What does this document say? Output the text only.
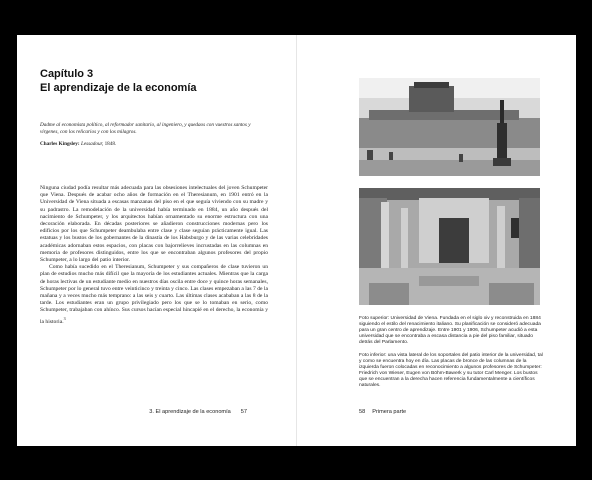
Capítulo 3
El aprendizaje de la economía
Dadme al economista político, al reformador sanitario, al ingeniero, y quedaos con vuestros santos y vírgenes, con los relicarios y con los milagros.
Charles Kingsley: Lessadour, 1848.

Ninguna ciudad podía resultar más adecuada para las obsesiones intelectuales del joven Schumpeter que Viena. Después de acabar ocho años de formación en el Theresianum, en 1901 entró en la Universidad de Viena situada a escasas manzanas del piso en el que seguía viviendo con su madre y su padrastro. La remodelación de la universidad había terminado en 1884, un año después del nacimiento de Schumpeter, y los arquitectos habían ornamentado su enorme estructura con una decoración elaborada. En décadas posteriores se añadieron construcciones modernas pero los edificios por los que Schumpeter deambulaba entre clase y clase seguían prácticamente igual. Las estatuas y los bustos de los gobernantes de la dinastía de los Habsburgo y de las varias celebridades académicas adornaban estos espacios, con placas con bajorrelieves incrustadas en las columnas en memoria de profesores distinguidos, entre los que se encontraban algunos profesores del propio Schumpeter, a lo largo del patio interior.

Como había sucedido en el Theresianum, Schumpeter y sus compañeros de clase tuvieron un plan de estudios mucho más difícil que la mayoría de los estudiantes actuales. Mientras que la carga de horas lectivas de un estudiante medio en nuestros días oscila entre doce y quince horas semanales, Schumpeter por lo general tuvo entre veinticinco y treinta y cinco. Las clases empezaban a las 7 de la mañana y a veces mucho más temprano: a las seis y cuarto. Las últimas clases acababan a las 8 de la tarde. Los estudiantes eran un grupo privilegiado pero los que se lo tomaban en serio, como Schumpeter, trabajaban con ahínco. Sus cursos hacían especial hincapié en el derecho, la economía y la historia.$^3$

3. El aprendizaje de la economía 57
Foto superior: Universidad de Viena. Fundada en el siglo xiv y reconstruida en 1884 siguiendo el estilo del renacimiento italiano. Su planificación se consideró adecuada para un gran centro de aprendizaje. Entre 1901 y 1906, Schumpeter acudió a esta universidad que se encontraba a escasa distancia a pie del piso familiar, situado detrás del Parlamento.
Foto inferior: una vista lateral de los soportales del patio interior de la universidad, tal y como se encuentra hoy en día. Las placas de bronce de las columnas de la izquierda fueron colocadas en reconocimiento a algunos profesores de Schumpeter: Friedrich von Wieser, Eugen von Böhm-Bawerk y su tutor Carl Menger. Los bustos que se encuentran a la derecha hacen referencia fundamentalmente a científicos naturales.
58 Primera parte
